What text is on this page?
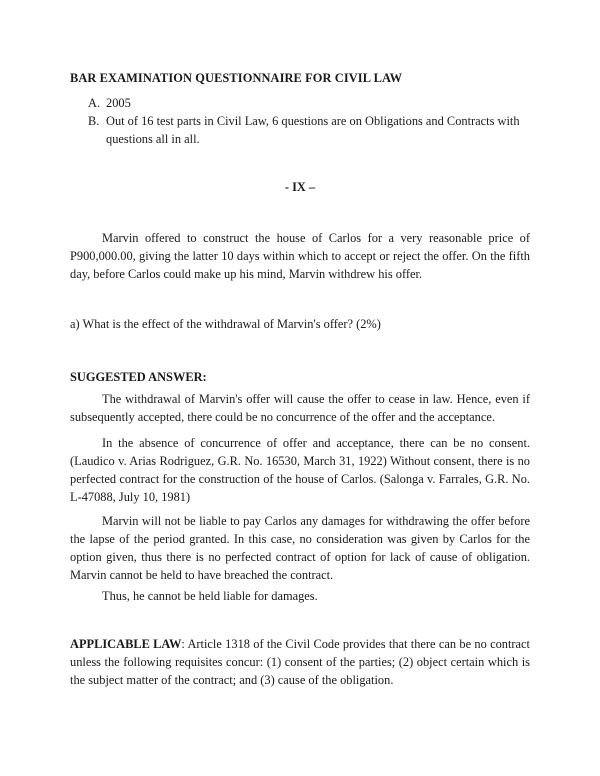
BAR EXAMINATION QUESTIONNAIRE FOR CIVIL LAW
A. 2005
B. Out of 16 test parts in Civil Law, 6 questions are on Obligations and Contracts with questions all in all.
- IX –

Marvin offered to construct the house of Carlos for a very reasonable price of P900,000.00, giving the latter 10 days within which to accept or reject the offer. On the fifth day, before Carlos could make up his mind, Marvin withdrew his offer.

a) What is the effect of the withdrawal of Marvin's offer? (2%)

SUGGESTED ANSWER:

The withdrawal of Marvin's offer will cause the offer to cease in law. Hence, even if subsequently accepted, there could be no concurrence of the offer and the acceptance.

In the absence of concurrence of offer and acceptance, there can be no consent. (Laudico v. Arias Rodriguez, G.R. No. 16530, March 31, 1922) Without consent, there is no perfected contract for the construction of the house of Carlos. (Salonga v. Farrales, G.R. No. L-47088, July 10, 1981)

Marvin will not be liable to pay Carlos any damages for withdrawing the offer before the lapse of the period granted. In this case, no consideration was given by Carlos for the option given, thus there is no perfected contract of option for lack of cause of obligation. Marvin cannot be held to have breached the contract.

Thus, he cannot be held liable for damages.

APPLICABLE LAW: Article 1318 of the Civil Code provides that there can be no contract unless the following requisites concur: (1) consent of the parties; (2) object certain which is the subject matter of the contract; and (3) cause of the obligation.
